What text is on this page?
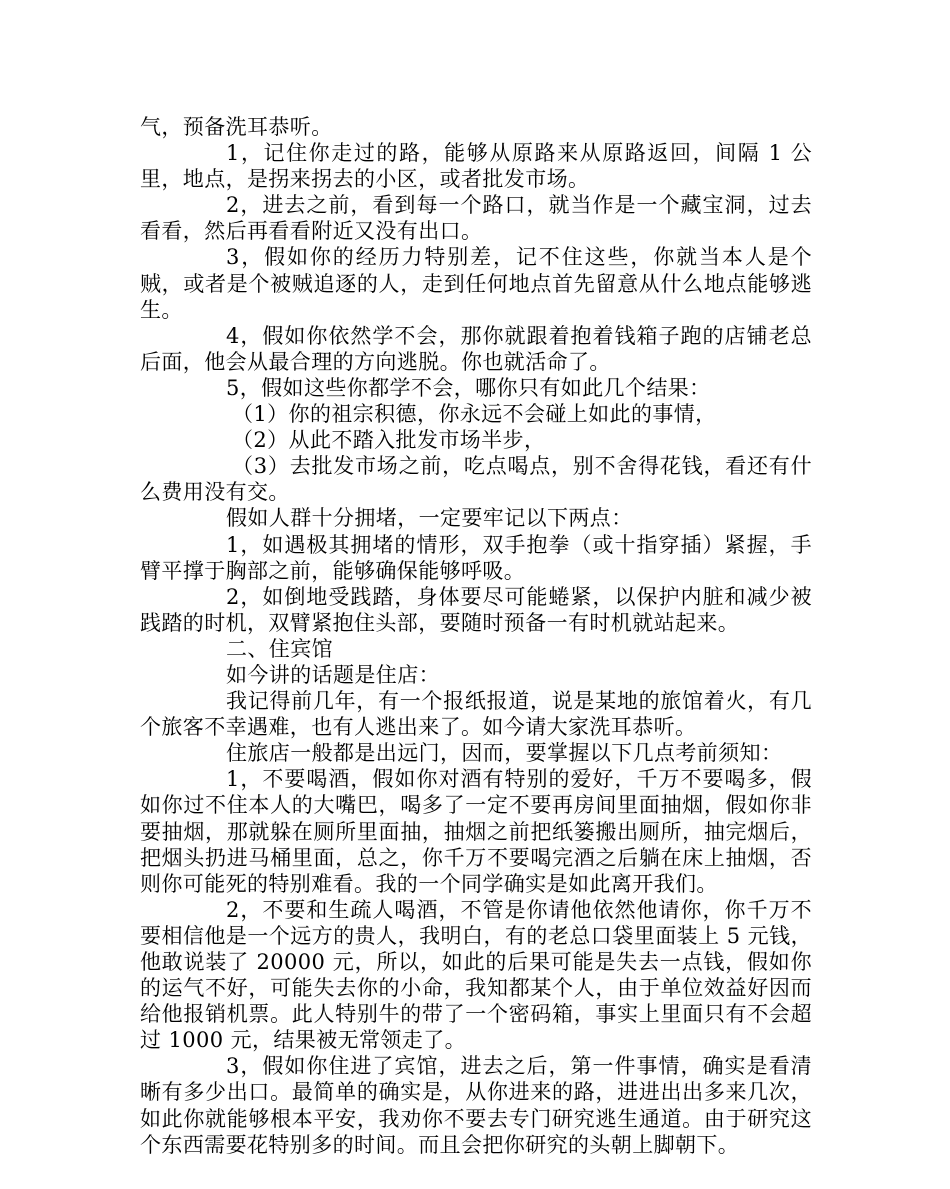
气，预备洗耳恭听。

1，记住你走过的路，能够从原路来从原路返回，间隔 1 公里，地点，是拐来拐去的小区，或者批发市场。

2，进去之前，看到每一个路口，就当作是一个藏宝洞，过去看看，然后再看看附近又没有出口。

3，假如你的经历力特别差，记不住这些，你就当本人是个贼，或者是个被贼追逐的人，走到任何地点首先留意从什么地点能够逃生。

4，假如你依然学不会，那你就跟着抱着钱箱子跑的店铺老总后面，他会从最合理的方向逃脱。你也就活命了。

5，假如这些你都学不会，哪你只有如此几个结果：

（1）你的祖宗积德，你永远不会碰上如此的事情，

（2）从此不踏入批发市场半步，

（3）去批发市场之前，吃点喝点，别不舍得花钱，看还有什么费用没有交。

假如人群十分拥堵，一定要牢记以下两点：

1，如遇极其拥堵的情形，双手抱拳（或十指穿插）紧握，手臂平撑于胸部之前，能够确保能够呼吸。

2，如倒地受践踏，身体要尽可能蜷紧，以保护内脏和减少被践踏的时机，双臂紧抱住头部，要随时预备一有时机就站起来。

二、住宾馆

如今讲的话题是住店：

我记得前几年，有一个报纸报道，说是某地的旅馆着火，有几个旅客不幸遇难，也有人逃出来了。如今请大家洗耳恭听。

住旅店一般都是出远门，因而，要掌握以下几点考前须知：

1，不要喝酒，假如你对酒有特别的爱好，千万不要喝多，假如你过不住本人的大嘴巴，喝多了一定不要再房间里面抽烟，假如你非要抽烟，那就躲在厕所里面抽，抽烟之前把纸篓搬出厕所，抽完烟后，把烟头扔进马桶里面，总之，你千万不要喝完酒之后躺在床上抽烟，否则你可能死的特别难看。我的一个同学确实是如此离开我们。

2，不要和生疏人喝酒，不管是你请他依然他请你，你千万不要相信他是一个远方的贵人，我明白，有的老总口袋里面装上 5 元钱，他敢说装了 20000 元，所以，如此的后果可能是失去一点钱，假如你的运气不好，可能失去你的小命，我知都某个人，由于单位效益好因而给他报销机票。此人特别牛的带了一个密码箱，事实上里面只有不会超过 1000 元，结果被无常领走了。

3，假如你住进了宾馆，进去之后，第一件事情，确实是看清晰有多少出口。最简单的确实是，从你进来的路，进进出出多来几次，如此你就能够根本平安，我劝你不要去专门研究逃生通道。由于研究这个东西需要花特别多的时间。而且会把你研究的头朝上脚朝下。
